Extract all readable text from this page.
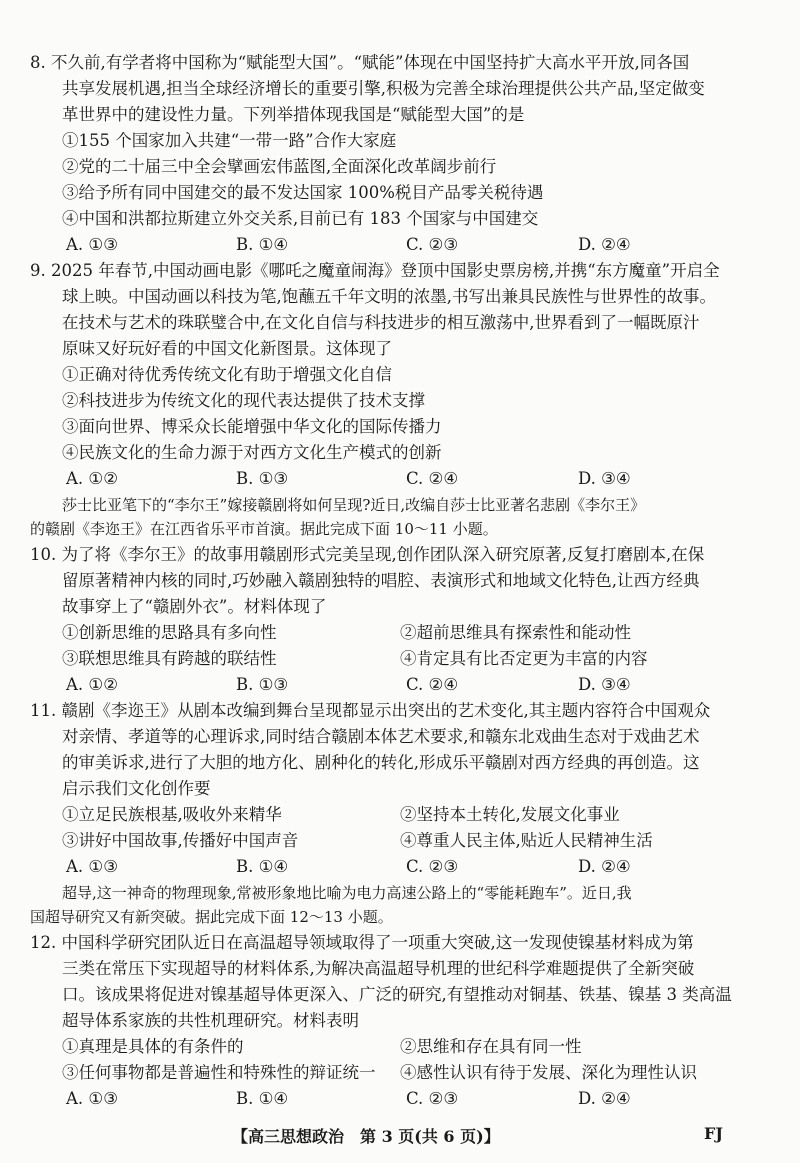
8. 不久前,有学者将中国称为“赋能型大国”。“赋能”体现在中国坚持扩大高水平开放,同各国
共享发展机遇,担当全球经济增长的重要引擎,积极为完善全球治理提供公共产品,坚定做变
革世界中的建设性力量。下列举措体现我国是“赋能型大国”的是
①155 个国家加入共建“一带一路”合作大家庭
②党的二十届三中全会擘画宏伟蓝图,全面深化改革阔步前行
③给予所有同中国建交的最不发达国家 100%税目产品零关税待遇
④中国和洪都拉斯建立外交关系,目前已有 183 个国家与中国建交
A. ①③	B. ①④	C. ②③	D. ②④
9. 2025 年春节,中国动画电影《哪吒之魔童闹海》登顶中国影史票房榜,并携“东方魔童”开启全
球上映。中国动画以科技为笔,饱蘸五千年文明的浓墨,书写出兼具民族性与世界性的故事。
在技术与艺术的珠联璧合中,在文化自信与科技进步的相互激荡中,世界看到了一幅既原汁
原味又好玩好看的中国文化新图景。这体现了
①正确对待优秀传统文化有助于增强文化自信
②科技进步为传统文化的现代表达提供了技术支撑
③面向世界、博采众长能增强中华文化的国际传播力
④民族文化的生命力源于对西方文化生产模式的创新
A. ①②	B. ①③	C. ②④	D. ③④
莎士比亚笔下的“李尔王”嫁接赣剧将如何呈现?近日,改编自莎士比亚著名悲剧《李尔王》
的赣剧《李迩王》在江西省乐平市首演。据此完成下面 10～11 小题。
10. 为了将《李尔王》的故事用赣剧形式完美呈现,创作团队深入研究原著,反复打磨剧本,在保
留原著精神内核的同时,巧妙融入赣剧独特的唱腔、表演形式和地域文化特色,让西方经典
故事穿上了“赣剧外衣”。材料体现了
①创新思维的思路具有多向性	②超前思维具有探索性和能动性
③联想思维具有跨越的联结性	④肯定具有比否定更为丰富的内容
A. ①②	B. ①③	C. ②④	D. ③④
11. 赣剧《李迩王》从剧本改编到舞台呈现都显示出突出的艺术变化,其主题内容符合中国观众
对亲情、孝道等的心理诉求,同时结合赣剧本体艺术要求,和赣东北戏曲生态对于戏曲艺术
的审美诉求,进行了大胆的地方化、剧种化的转化,形成乐平赣剧对西方经典的再创造。这
启示我们文化创作要
①立足民族根基,吸收外来精华	②坚持本土转化,发展文化事业
③讲好中国故事,传播好中国声音	④尊重人民主体,贴近人民精神生活
A. ①③	B. ①④	C. ②③	D. ②④
超导,这一神奇的物理现象,常被形象地比喻为电力高速公路上的“零能耗跑车”。近日,我
国超导研究又有新突破。据此完成下面 12～13 小题。
12. 中国科学研究团队近日在高温超导领域取得了一项重大突破,这一发现使镍基材料成为第
三类在常压下实现超导的材料体系,为解决高温超导机理的世纪科学难题提供了全新突破
口。该成果将促进对镍基超导体更深入、广泛的研究,有望推动对铜基、铁基、镍基 3 类高温
超导体系家族的共性机理研究。材料表明
①真理是具体的有条件的	②思维和存在具有同一性
③任何事物都是普遍性和特殊性的辩证统一 ④感性认识有待于发展、深化为理性认识
A. ①③	B. ①④	C. ②③	D. ②④
【高三思想政治　第 3 页(共 6 页)】	FJ
